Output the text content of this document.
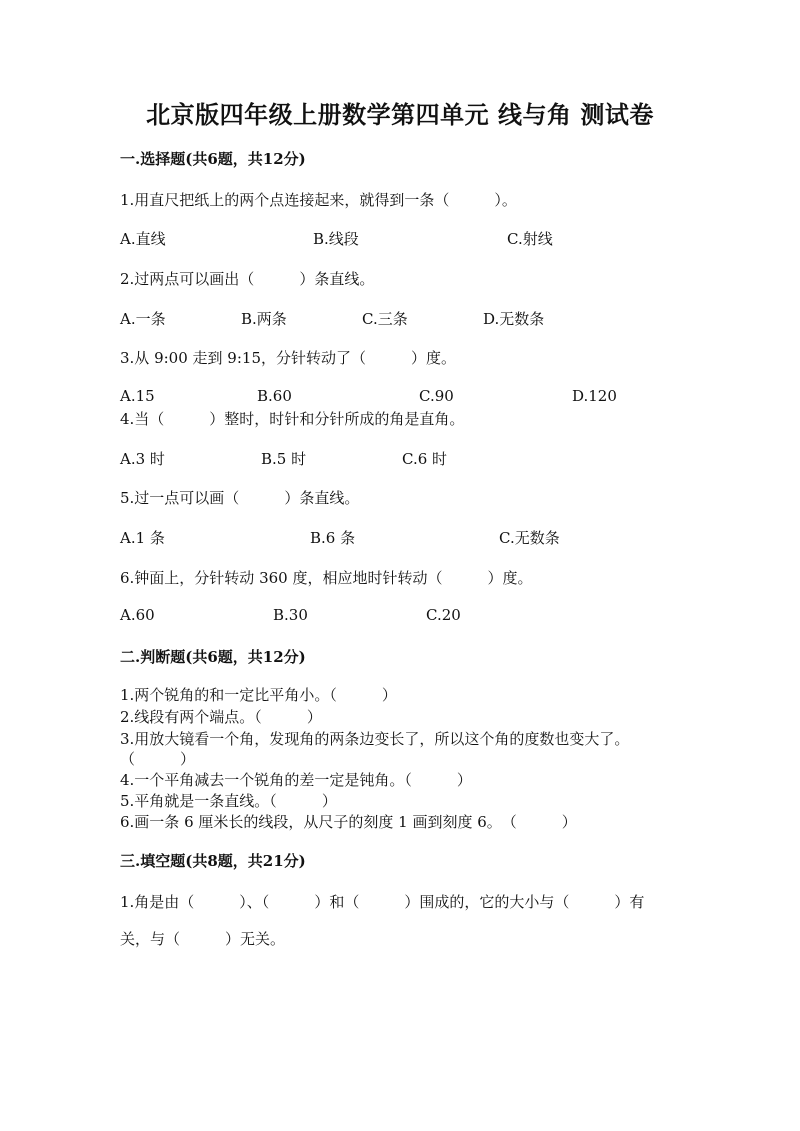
北京版四年级上册数学第四单元 线与角 测试卷
一.选择题(共6题，共12分)
1.用直尺把纸上的两个点连接起来，就得到一条（　　　）。
A.直线	B.线段	C.射线
2.过两点可以画出（　　　）条直线。
A.一条	B.两条	C.三条	D.无数条
3.从 9:00 走到 9:15，分针转动了（　　　）度。
A.15	B.60	C.90	D.120
4.当（　　　）整时，时针和分针所成的角是直角。
A.3 时	B.5 时	C.6 时
5.过一点可以画（　　　）条直线。
A.1 条	B.6 条	C.无数条
6.钟面上，分针转动 360 度，相应地时针转动（　　　）度。
A.60	B.30	C.20
二.判断题(共6题，共12分)
1.两个锐角的和一定比平角小。（　　　）
2.线段有两个端点。（　　　）
3.用放大镜看一个角，发现角的两条边变长了，所以这个角的度数也变大了。
（　　　）
4.一个平角减去一个锐角的差一定是钝角。（　　　）
5.平角就是一条直线。（　　　）
6.画一条 6 厘米长的线段，从尺子的刻度 1 画到刻度 6。　（　　　）
三.填空题(共8题，共21分)
1.角是由（　　　）、（　　　）和（　　　）围成的，它的大小与（　　　）有
关，与（　　　）无关。
